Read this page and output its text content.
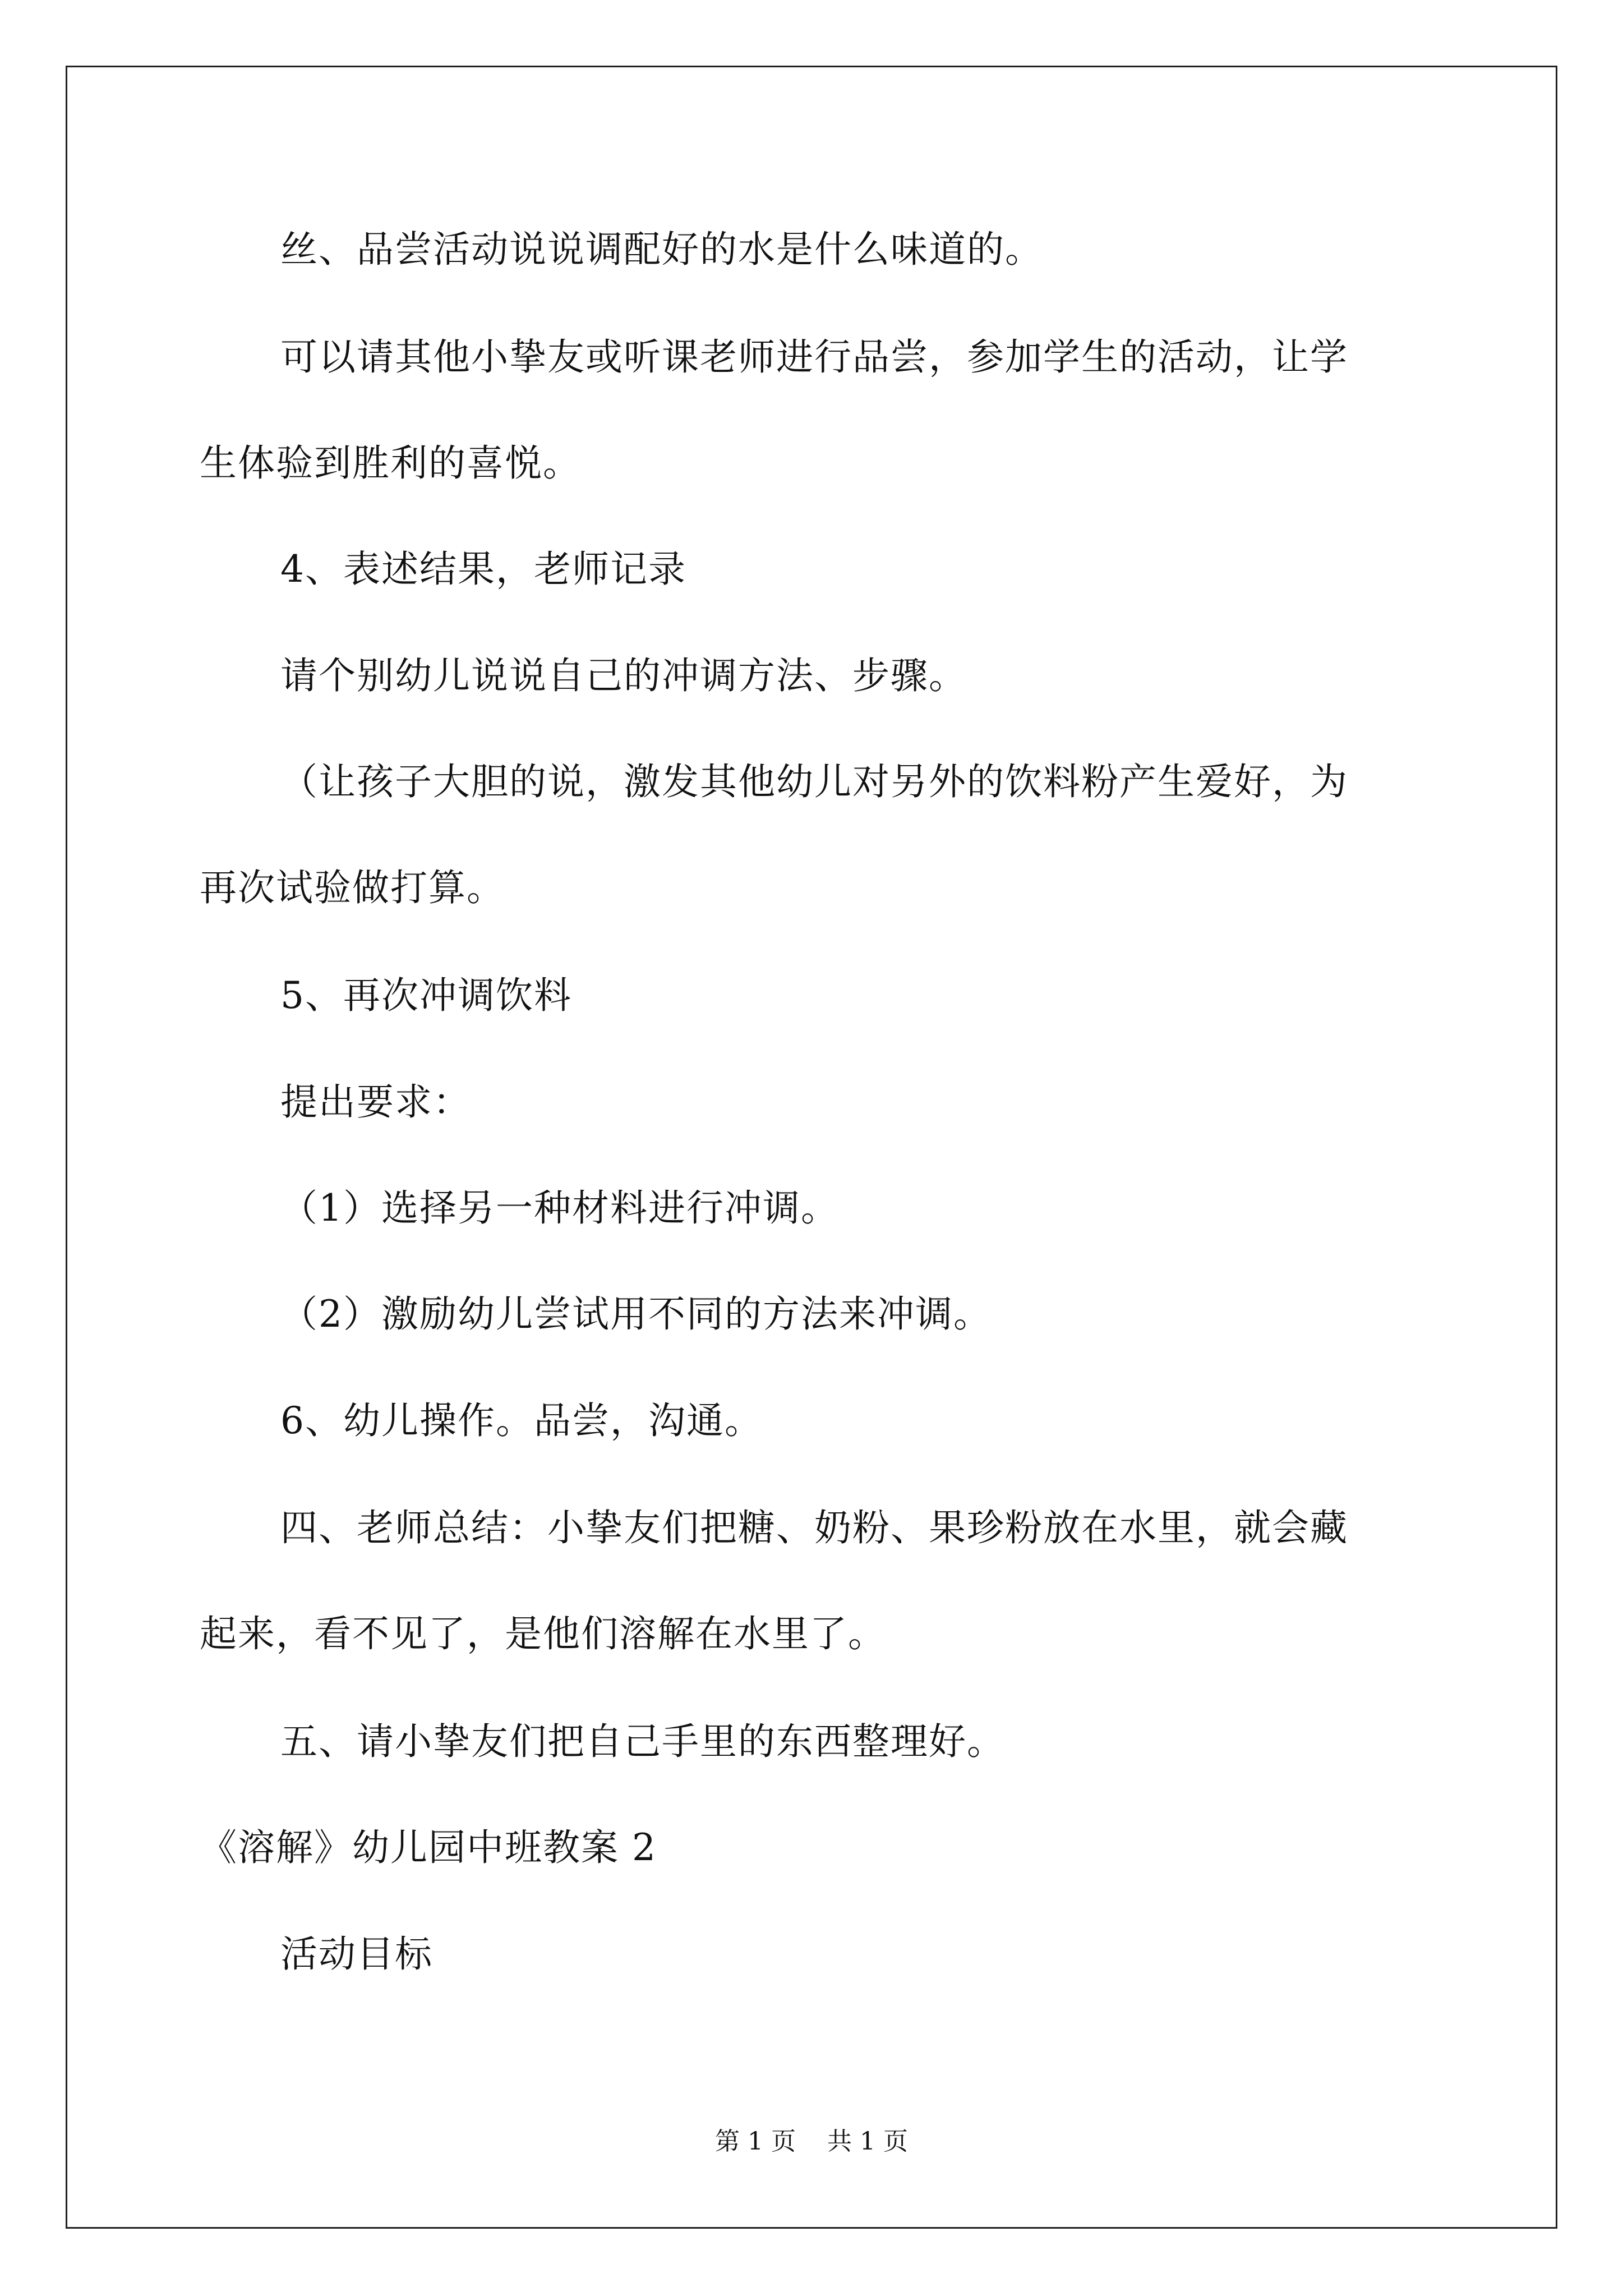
丝、品尝活动说说调配好的水是什么味道的。
可以请其他小挚友或听课老师进行品尝，参加学生的活动，让学
生体验到胜利的喜悦。
4、表述结果，老师记录
请个别幼儿说说自己的冲调方法、步骤。
（让孩子大胆的说，激发其他幼儿对另外的饮料粉产生爱好，为
再次试验做打算。
5、再次冲调饮料
提出要求：
（1）选择另一种材料进行冲调。
（2）激励幼儿尝试用不同的方法来冲调。
6、幼儿操作。品尝，沟通。
四、老师总结：小挚友们把糖、奶粉、果珍粉放在水里，就会藏
起来，看不见了，是他们溶解在水里了。
五、请小挚友们把自己手里的东西整理好。
《溶解》幼儿园中班教案 2
活动目标
第 1 页 共 1 页
